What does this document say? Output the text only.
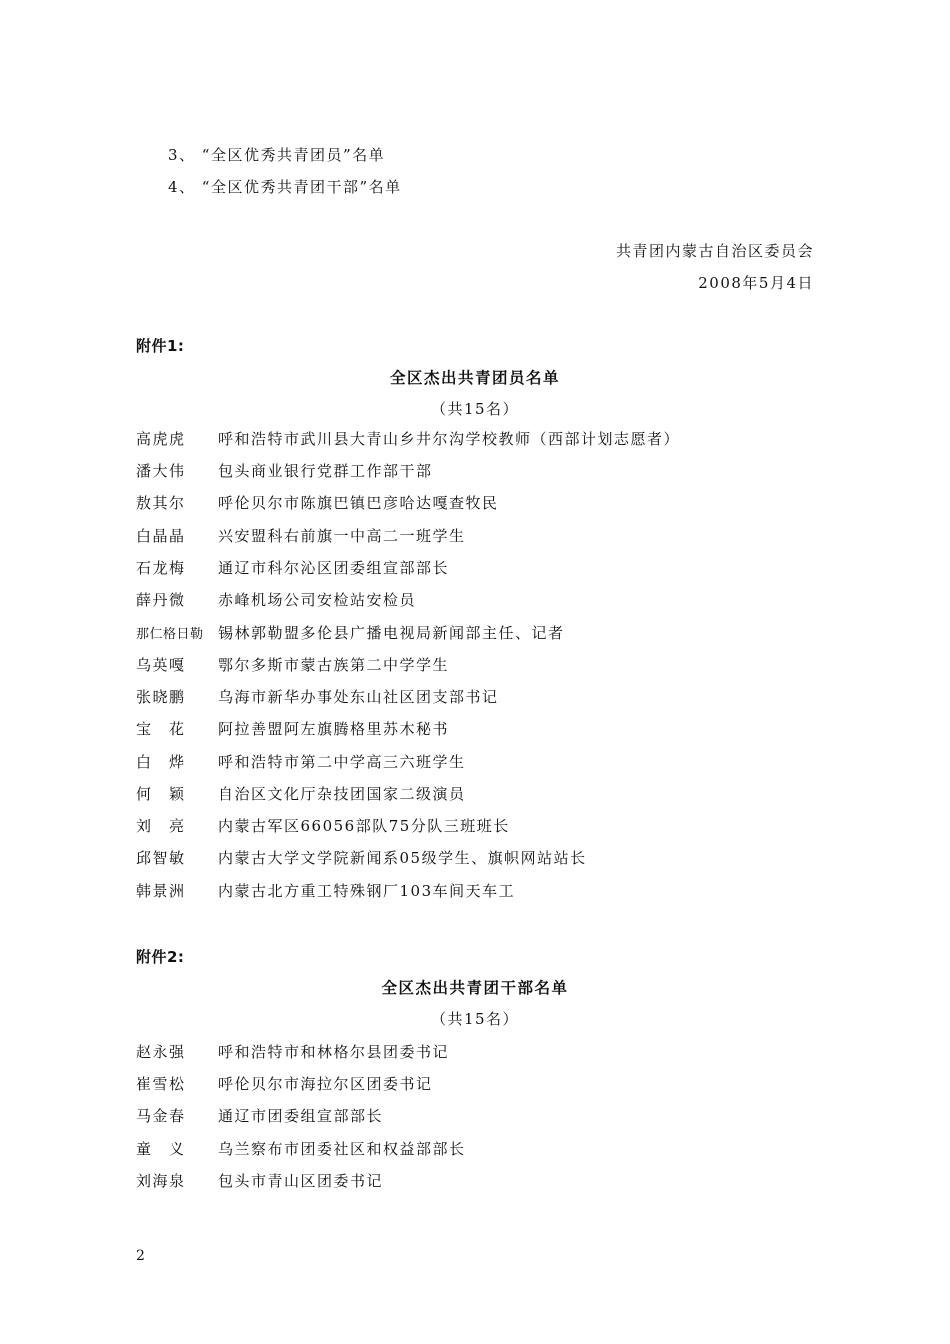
3、 “全区优秀共青团员”名单
4、 “全区优秀共青团干部”名单
共青团内蒙古自治区委员会
2008年5月4日
附件1:
全区杰出共青团员名单
（共15名）
高虎虎 呼和浩特市武川县大青山乡井尔沟学校教师（西部计划志愿者）
潘大伟 包头商业银行党群工作部干部
敖其尔 呼伦贝尔市陈旗巴镇巴彦哈达嘎查牧民
白晶晶 兴安盟科右前旗一中高二一班学生
石龙梅 通辽市科尔沁区团委组宣部部长
薛丹微 赤峰机场公司安检站安检员
那仁格日勒 锡林郭勒盟多伦县广播电视局新闻部主任、记者
乌英嘎 鄂尔多斯市蒙古族第二中学学生
张晓鹏 乌海市新华办事处东山社区团支部书记
宝　花 阿拉善盟阿左旗腾格里苏木秘书
白　烨 呼和浩特市第二中学高三六班学生
何　颖 自治区文化厅杂技团国家二级演员
刘　亮 内蒙古军区66056部队75分队三班班长
邱智敏 内蒙古大学文学院新闻系05级学生、旗帜网站站长
韩景洲 内蒙古北方重工特殊钢厂103车间天车工
附件2:
全区杰出共青团干部名单
（共15名）
赵永强 呼和浩特市和林格尔县团委书记
崔雪松 呼伦贝尔市海拉尔区团委书记
马金春 通辽市团委组宣部部长
童　义 乌兰察布市团委社区和权益部部长
刘海泉 包头市青山区团委书记
2
